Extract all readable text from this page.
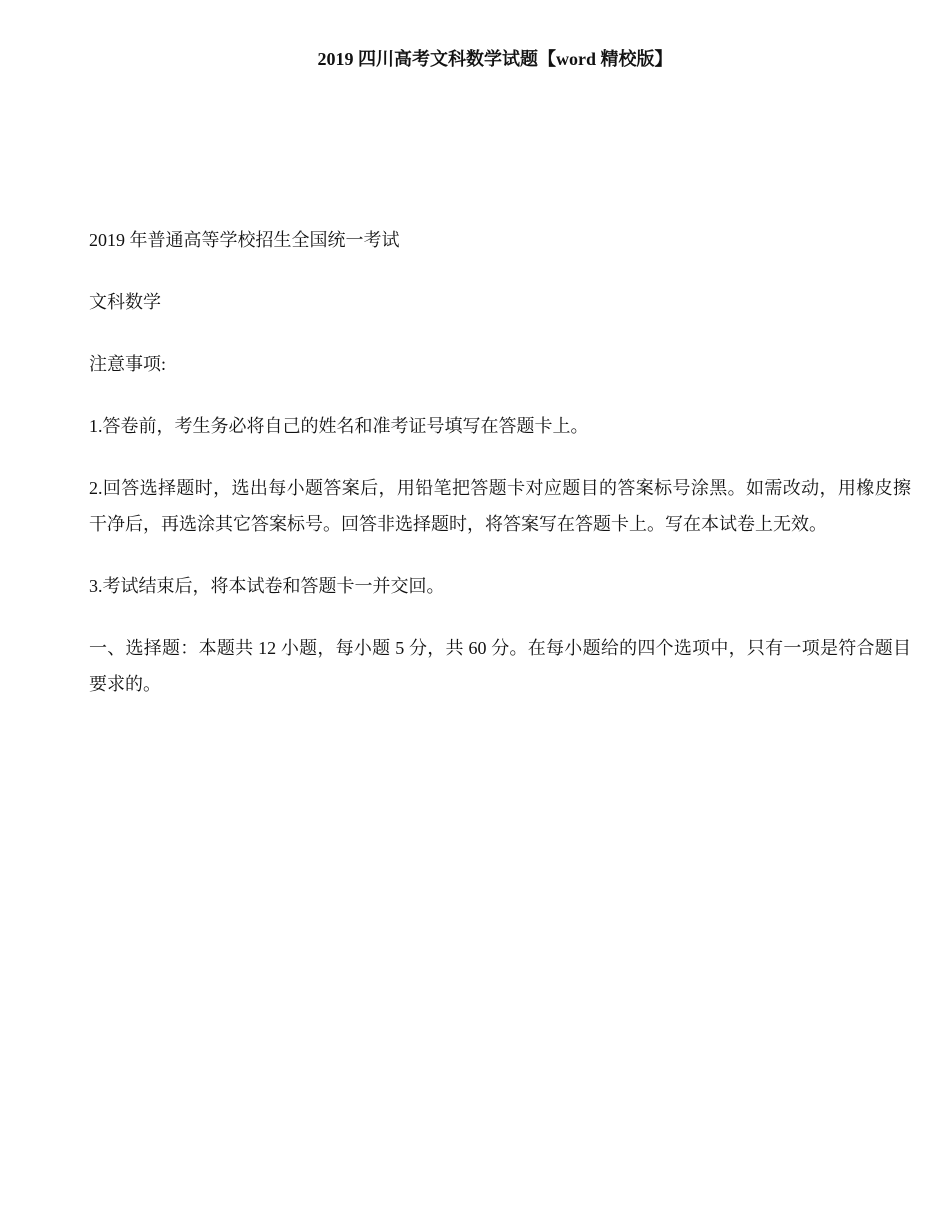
2019 四川高考文科数学试题【word 精校版】

2019 年普通高等学校招生全国统一考试

文科数学

注意事项:

1.答卷前，考生务必将自己的姓名和准考证号填写在答题卡上。

2.回答选择题时，选出每小题答案后，用铅笔把答题卡对应题目的答案标号涂黑。如需改动，用橡皮擦干净后，再选涂其它答案标号。回答非选择题时，将答案写在答题卡上。写在本试卷上无效。

3.考试结束后，将本试卷和答题卡一并交回。

一、选择题：本题共 12 小题，每小题 5 分，共 60 分。在每小题给的四个选项中，只有一项是符合题目要求的。
